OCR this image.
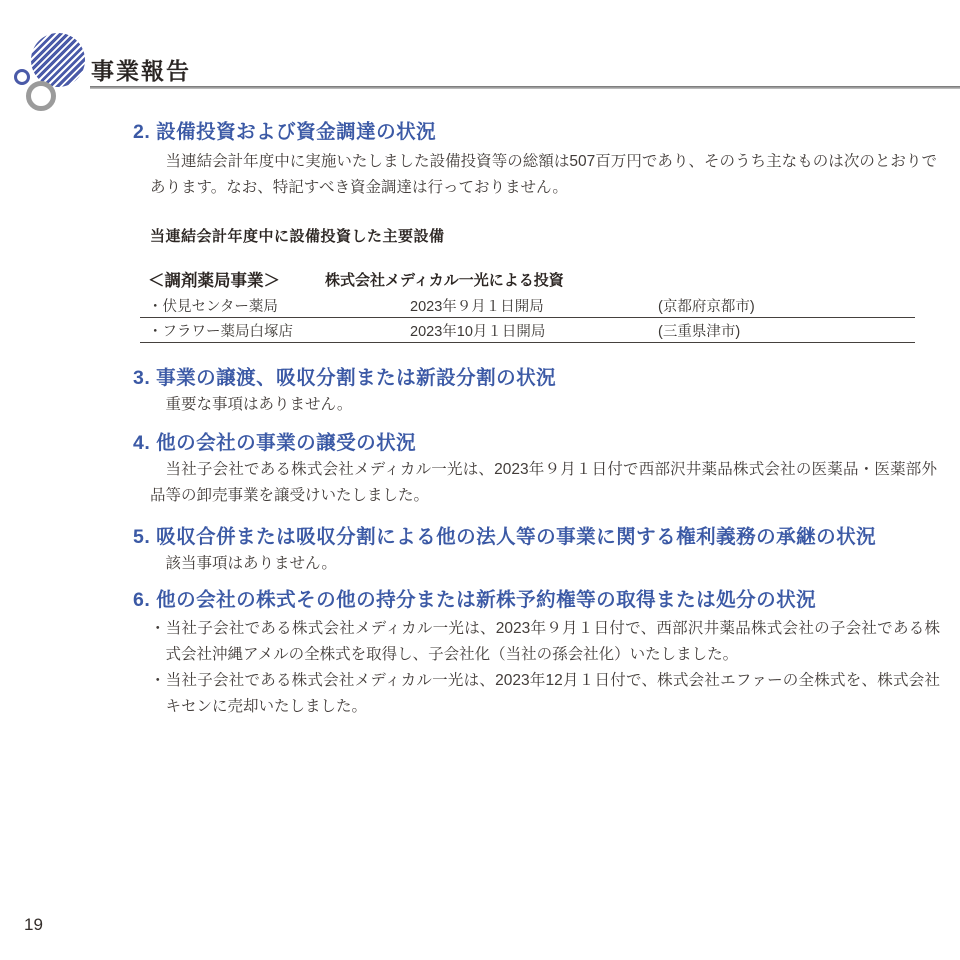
事業報告
2. 設備投資および資金調達の状況
当連結会計年度中に実施いたしました設備投資等の総額は507百万円であり、そのうち主なものは次のとおりであります。なお、特記すべき資金調達は行っておりません。
当連結会計年度中に設備投資した主要設備
＜調剤薬局事業＞	株式会社メディカル一光による投資
・伏見センター薬局	2023年９月１日開局	(京都府京都市)
・フラワー薬局白塚店	2023年10月１日開局	(三重県津市)
3. 事業の譲渡、吸収分割または新設分割の状況
重要な事項はありません。
4. 他の会社の事業の譲受の状況
当社子会社である株式会社メディカル一光は、2023年９月１日付で西部沢井薬品株式会社の医薬品・医薬部外品等の卸売事業を譲受けいたしました。
5. 吸収合併または吸収分割による他の法人等の事業に関する権利義務の承継の状況
該当事項はありません。
6. 他の会社の株式その他の持分または新株予約権等の取得または処分の状況
・当社子会社である株式会社メディカル一光は、2023年９月１日付で、西部沢井薬品株式会社の子会社である株式会社沖縄アメルの全株式を取得し、子会社化（当社の孫会社化）いたしました。
・当社子会社である株式会社メディカル一光は、2023年12月１日付で、株式会社エファーの全株式を、株式会社キセンに売却いたしました。
19
